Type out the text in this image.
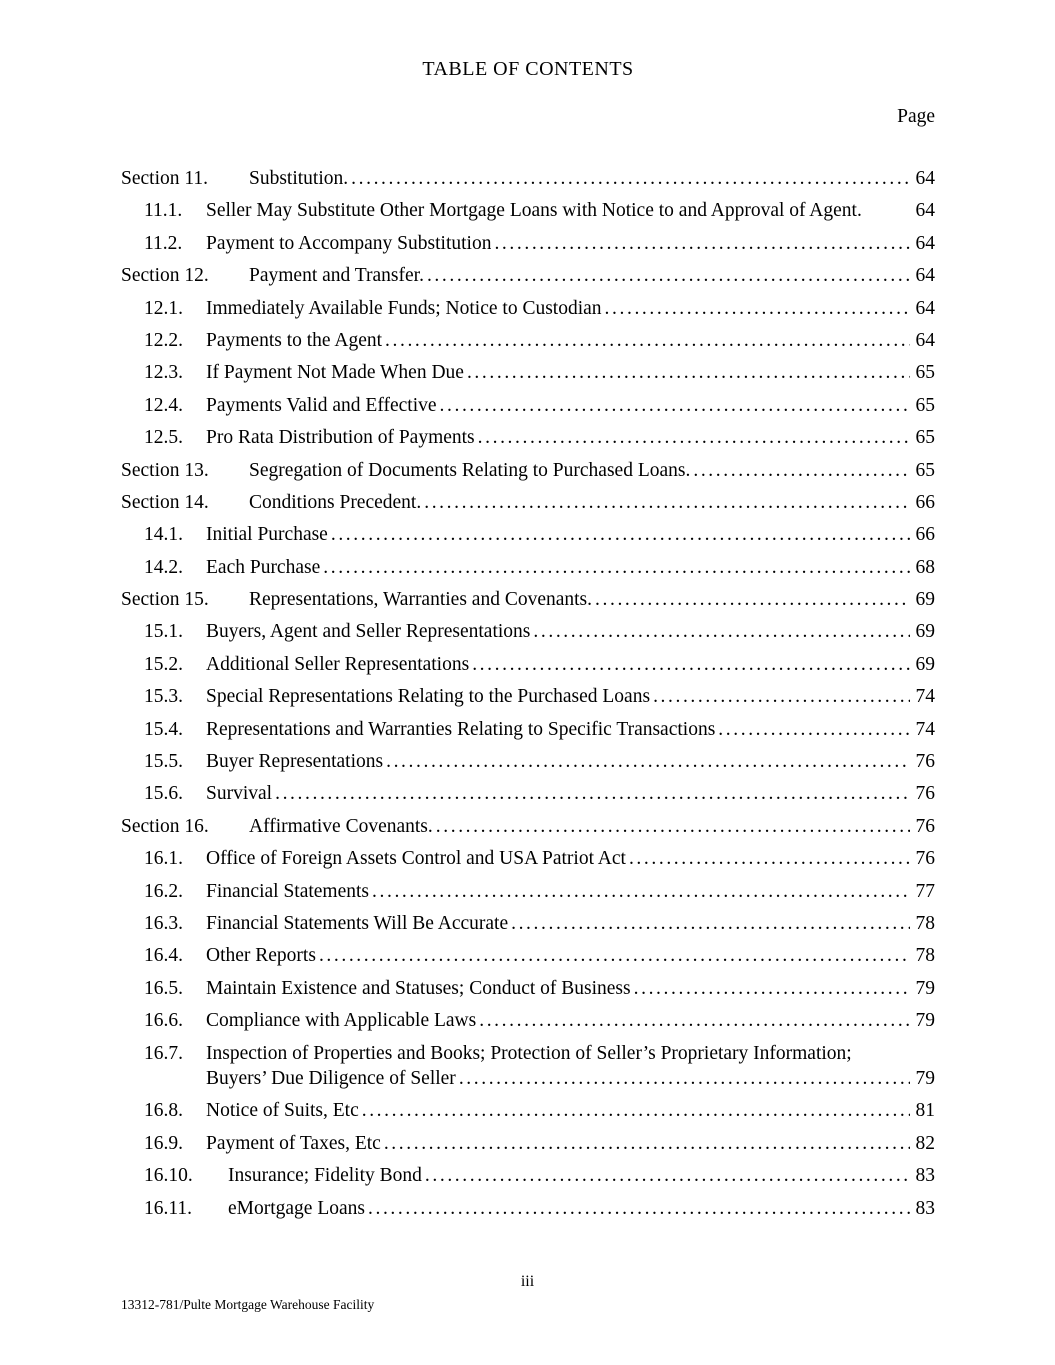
TABLE OF CONTENTS
Page
Section 11.	Substitution. .....	64
11.1.	Seller May Substitute Other Mortgage Loans with Notice to and Approval of Agent.	64
11.2.	Payment to Accompany Substitution .....	64
Section 12.	Payment and Transfer. .....	64
12.1.	Immediately Available Funds; Notice to Custodian .....	64
12.2.	Payments to the Agent .....	64
12.3.	If Payment Not Made When Due .....	65
12.4.	Payments Valid and Effective .....	65
12.5.	Pro Rata Distribution of Payments .....	65
Section 13.	Segregation of Documents Relating to Purchased Loans. .....	65
Section 14.	Conditions Precedent. .....	66
14.1.	Initial Purchase .....	66
14.2.	Each Purchase .....	68
Section 15.	Representations, Warranties and Covenants. .....	69
15.1.	Buyers, Agent and Seller Representations .....	69
15.2.	Additional Seller Representations .....	69
15.3.	Special Representations Relating to the Purchased Loans .....	74
15.4.	Representations and Warranties Relating to Specific Transactions .....	74
15.5.	Buyer Representations .....	76
15.6.	Survival .....	76
Section 16.	Affirmative Covenants. .....	76
16.1.	Office of Foreign Assets Control and USA Patriot Act .....	76
16.2.	Financial Statements .....	77
16.3.	Financial Statements Will Be Accurate .....	78
16.4.	Other Reports .....	78
16.5.	Maintain Existence and Statuses; Conduct of Business .....	79
16.6.	Compliance with Applicable Laws .....	79
16.7.	Inspection of Properties and Books; Protection of Seller’s Proprietary Information;
Buyers’ Due Diligence of Seller .....	79
16.8.	Notice of Suits, Etc .....	81
16.9.	Payment of Taxes, Etc .....	82
16.10.	Insurance; Fidelity Bond .....	83
16.11.	eMortgage Loans .....	83
iii
13312-781/Pulte Mortgage Warehouse Facility
